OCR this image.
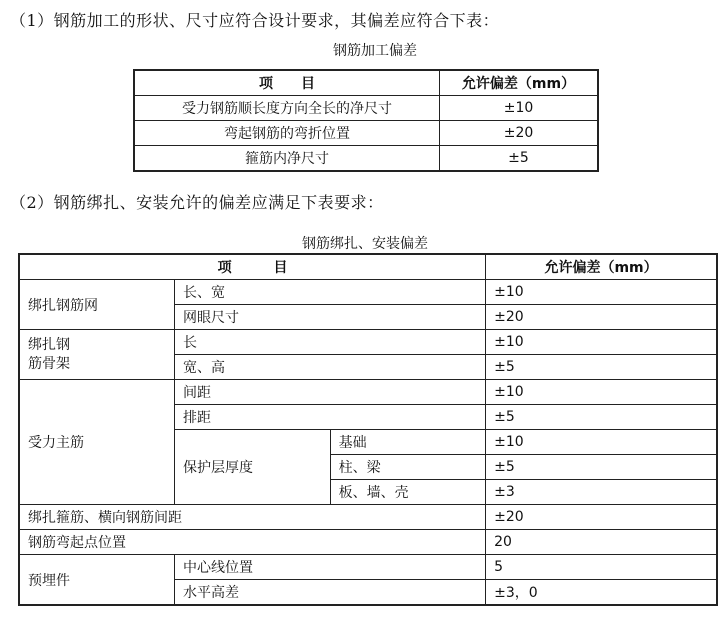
（1）钢筋加工的形状、尺寸应符合设计要求，其偏差应符合下表：
钢筋加工偏差
项　　目	允许偏差（mm）
受力钢筋顺长度方向全长的净尺寸	±10
弯起钢筋的弯折位置	±20
箍筋内净尺寸	±5
（2）钢筋绑扎、安装允许的偏差应满足下表要求：
钢筋绑扎、安装偏差
项　　　目			允许偏差（mm）
绑扎钢筋网	长、宽		±10
	网眼尺寸		±20
绑扎钢
筋骨架	长		±10
	宽、高		±5
受力主筋	间距		±10
	排距		±5
	保护层厚度	基础	±10
		柱、梁	±5
		板、墙、壳	±3
绑扎箍筋、横向钢筋间距			±20
钢筋弯起点位置			20
预埋件	中心线位置		5
	水平高差		±3，0
